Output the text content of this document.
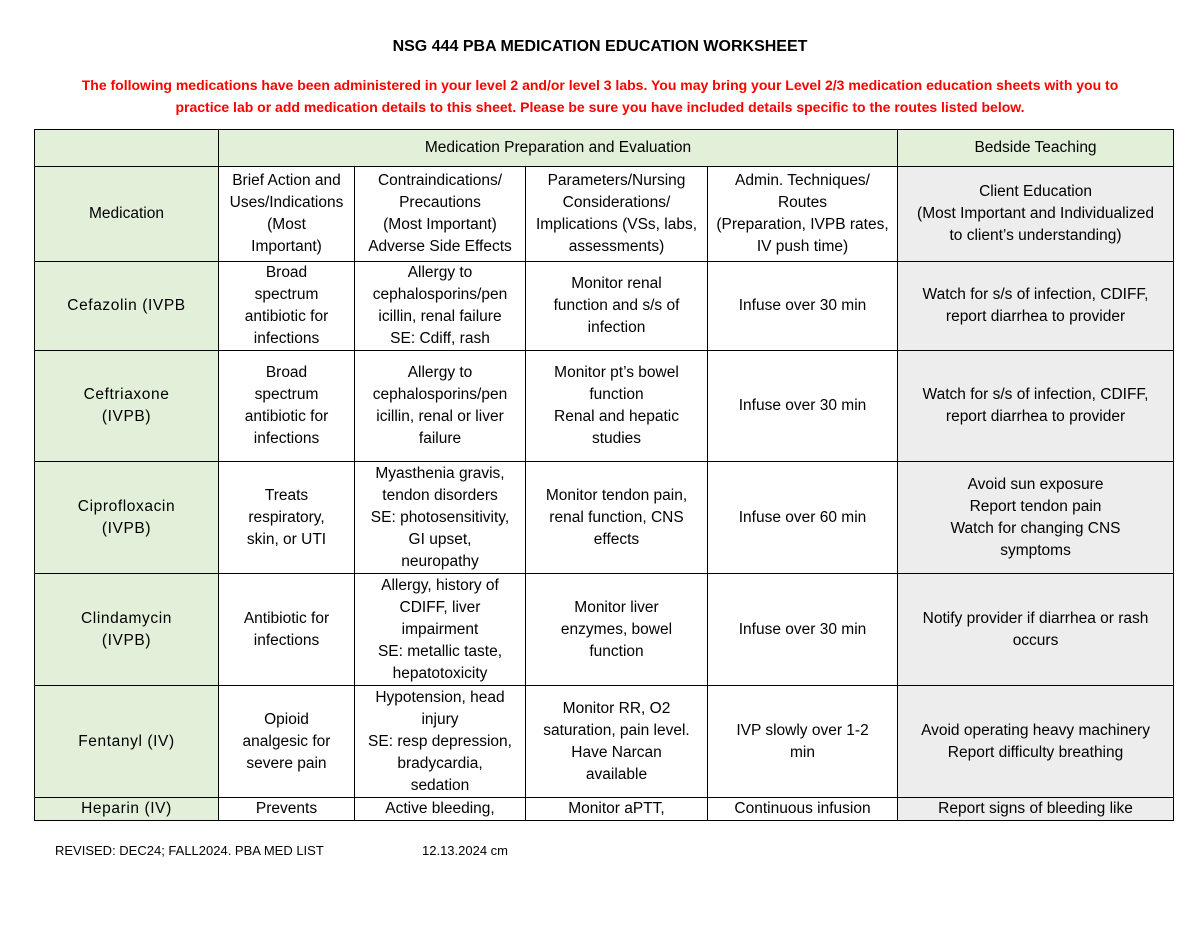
NSG 444 PBA MEDICATION EDUCATION WORKSHEET
The following medications have been administered in your level 2 and/or level 3 labs. You may bring your Level 2/3 medication education sheets with you to
practice lab or add medication details to this sheet. Please be sure you have included details specific to the routes listed below.
	Medication Preparation and Evaluation				Bedside Teaching

Medication	Brief Action and
Uses/Indications
(Most
Important)	Contraindications/
Precautions
(Most Important)
Adverse Side Effects	Parameters/Nursing
Considerations/
Implications (VSs, labs,
assessments)	Admin. Techniques/
Routes
(Preparation, IVPB rates,
IV push time)	Client Education
(Most Important and Individualized
to client’s understanding)

Cefazolin (IVPB	Broad
spectrum
antibiotic for
infections	Allergy to
cephalosporins/pen
icillin, renal failure
SE: Cdiff, rash	Monitor renal
function and s/s of
infection	Infuse over 30 min	Watch for s/s of infection, CDIFF,
report diarrhea to provider

Ceftriaxone
(IVPB)	Broad
spectrum
antibiotic for
infections	Allergy to
cephalosporins/pen
icillin, renal or liver
failure	Monitor pt’s bowel
function
Renal and hepatic
studies	Infuse over 30 min	Watch for s/s of infection, CDIFF,
report diarrhea to provider

Ciprofloxacin
(IVPB)	Treats
respiratory,
skin, or UTI	Myasthenia gravis,
tendon disorders
SE: photosensitivity,
GI upset,
neuropathy	Monitor tendon pain,
renal function, CNS
effects	Infuse over 60 min	Avoid sun exposure
Report tendon pain
Watch for changing CNS
symptoms

Clindamycin
(IVPB)	Antibiotic for
infections	Allergy, history of
CDIFF, liver
impairment
SE: metallic taste,
hepatotoxicity	Monitor liver
enzymes, bowel
function	Infuse over 30 min	Notify provider if diarrhea or rash
occurs

Fentanyl (IV)	Opioid
analgesic for
severe pain	Hypotension, head
injury
SE: resp depression,
bradycardia,
sedation	Monitor RR, O2
saturation, pain level.
Have Narcan
available	IVP slowly over 1-2
min	Avoid operating heavy machinery
Report difficulty breathing

Heparin (IV)	Prevents	Active bleeding,	Monitor aPTT,	Continuous infusion	Report signs of bleeding like
REVISED: DEC24; FALL2024. PBA MED LIST	12.13.2024 cm
